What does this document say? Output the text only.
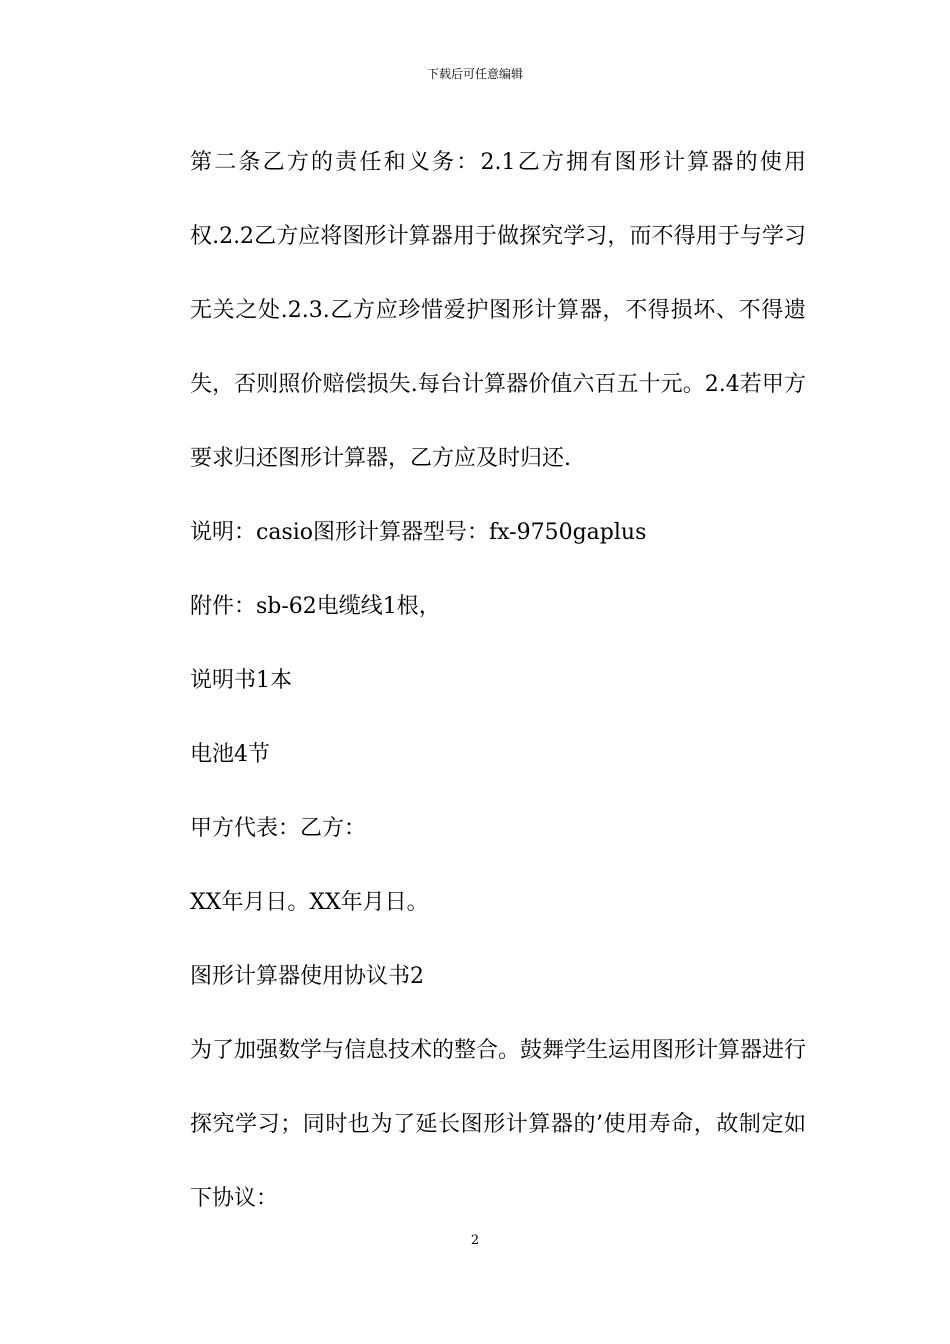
下载后可任意编辑

第二条乙方的责任和义务：2.1乙方拥有图形计算器的使用权.2.2乙方应将图形计算器用于做探究学习，而不得用于与学习无关之处.2.3.乙方应珍惜爱护图形计算器，不得损坏、不得遗失，否则照价赔偿损失.每台计算器价值六百五十元。2.4若甲方要求归还图形计算器，乙方应及时归还.

说明：casio图形计算器型号：fx-9750gaplus

附件：sb-62电缆线1根，

说明书1本

电池4节

甲方代表：乙方：

XX年月日。XX年月日。

图形计算器使用协议书2

为了加强数学与信息技术的整合。鼓舞学生运用图形计算器进行探究学习；同时也为了延长图形计算器的’使用寿命，故制定如下协议：

2
